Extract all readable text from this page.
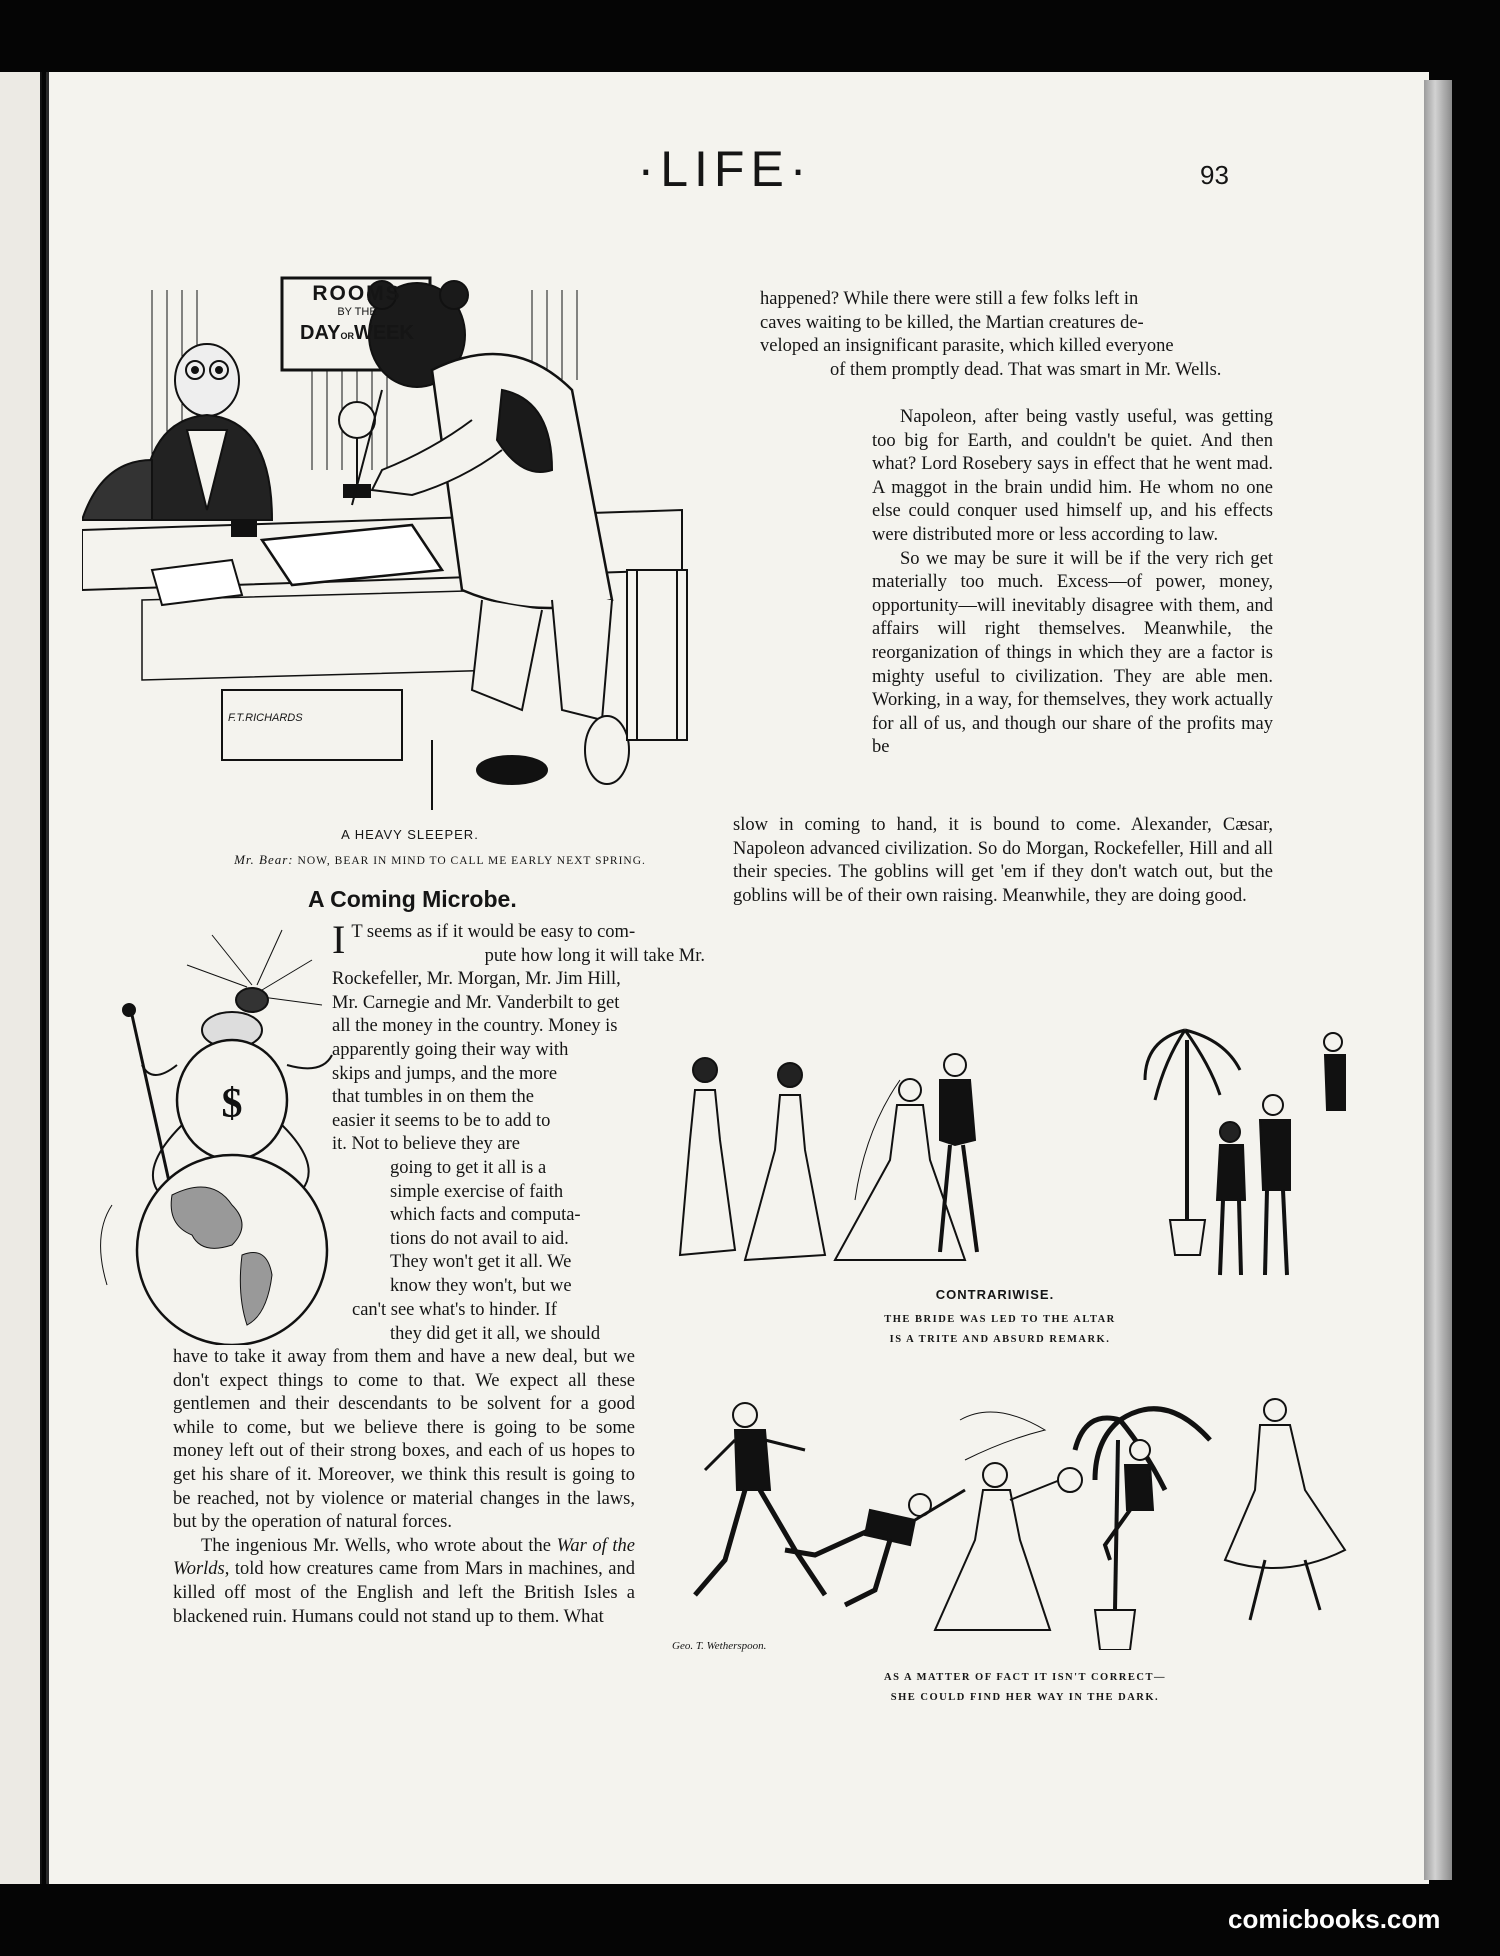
·LIFE·	93
ROOMS
BY THE
DAYORWEEK
F.T.RICHARDS
A HEAVY SLEEPER.
Mr. Bear: NOW, BEAR IN MIND TO CALL ME EARLY NEXT SPRING.
A Coming Microbe.
$
I T seems as if it would be easy to com-
pute how long it will take Mr.
Rockefeller, Mr. Morgan, Mr. Jim Hill,
Mr. Carnegie and Mr. Vanderbilt to get
all the money in the country. Money is
apparently going their way with
skips and jumps, and the more
that tumbles in on them the
easier it seems to be to add to
it. Not to believe they are
going to get it all is a
simple exercise of faith
which facts and computa-
tions do not avail to aid.
They won't get it all. We
know they won't, but we
can't see what's to hinder. If
they did get it all, we should

have to take it away from them and have a new deal, but we don't expect things to come to that. We expect all these gentlemen and their descendants to be solvent for a good while to come, but we believe there is going to be some money left out of their strong boxes, and each of us hopes to get his share of it. Moreover, we think this result is going to be reached, not by violence or material changes in the laws, but by the operation of natural forces.

The ingenious Mr. Wells, who wrote about the War of the Worlds, told how creatures came from Mars in machines, and killed off most of the English and left the British Isles a blackened ruin. Humans could not stand up to them. What

happened? While there were still a few folks left in
caves waiting to be killed, the Martian creatures de-
veloped an insignificant parasite, which killed everyone

of them promptly dead. That was smart in Mr. Wells.

Napoleon, after being vastly useful, was getting too big for Earth, and couldn't be quiet. And then what? Lord Rosebery says in effect that he went mad. A maggot in the brain undid him. He whom no one else could conquer used himself up, and his effects were distributed more or less according to law.

So we may be sure it will be if the very rich get materially too much. Excess—of power, money, opportunity—will inevitably disagree with them, and affairs will right themselves. Meanwhile, the reorganization of things in which they are a factor is mighty useful to civilization. They are able men. Working, in a way, for themselves, they work actually for all of us, and though our share of the profits may be

slow in coming to hand, it is bound to come. Alexander, Cæsar, Napoleon advanced civilization. So do Morgan, Rockefeller, Hill and all their species. The goblins will get 'em if they don't watch out, but the goblins will be of their own raising. Meanwhile, they are doing good.

CONTRARIWISE.
THE BRIDE WAS LED TO THE ALTAR
IS A TRITE AND ABSURD REMARK.
Geo. T. Wetherspoon.
AS A MATTER OF FACT IT ISN'T CORRECT—
SHE COULD FIND HER WAY IN THE DARK.
comicbooks.com
